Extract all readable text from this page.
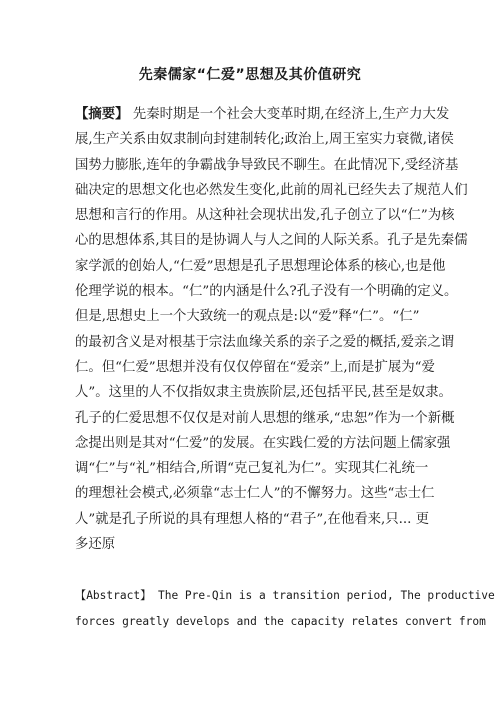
先秦儒家“仁爱”思想及其价值研究
【摘要】 先秦时期是一个社会大变革时期,在经济上,生产力大发
展,生产关系由奴隶制向封建制转化;政治上,周王室实力衰微,诸侯
国势力膨胀,连年的争霸战争导致民不聊生。在此情况下,受经济基
础决定的思想文化也必然发生变化,此前的周礼已经失去了规范人们
思想和言行的作用。从这种社会现状出发,孔子创立了以“仁”为核
心的思想体系,其目的是协调人与人之间的人际关系。孔子是先秦儒
家学派的创始人,“仁爱”思想是孔子思想理论体系的核心,也是他
伦理学说的根本。“仁”的内涵是什么?孔子没有一个明确的定义。
但是,思想史上一个大致统一的观点是:以“爱”释“仁”。“仁”
的最初含义是对根基于宗法血缘关系的亲子之爱的概括,爱亲之谓
仁。但“仁爱”思想并没有仅仅停留在“爱亲”上,而是扩展为“爱
人”。这里的人不仅指奴隶主贵族阶层,还包括平民,甚至是奴隶。
孔子的仁爱思想不仅仅是对前人思想的继承,“忠恕”作为一个新概
念提出则是其对“仁爱”的发展。在实践仁爱的方法问题上儒家强
调“仁”与“礼”相结合,所谓“克己复礼为仁”。实现其仁礼统一
的理想社会模式,必须靠“志士仁人”的不懈努力。这些“志士仁
人”就是孔子所说的具有理想人格的“君子”,在他看来,只... 更
多还原
【Abstract】 The Pre-Qin is a transition period, The productive
forces greatly develops and the capacity relates convert from
